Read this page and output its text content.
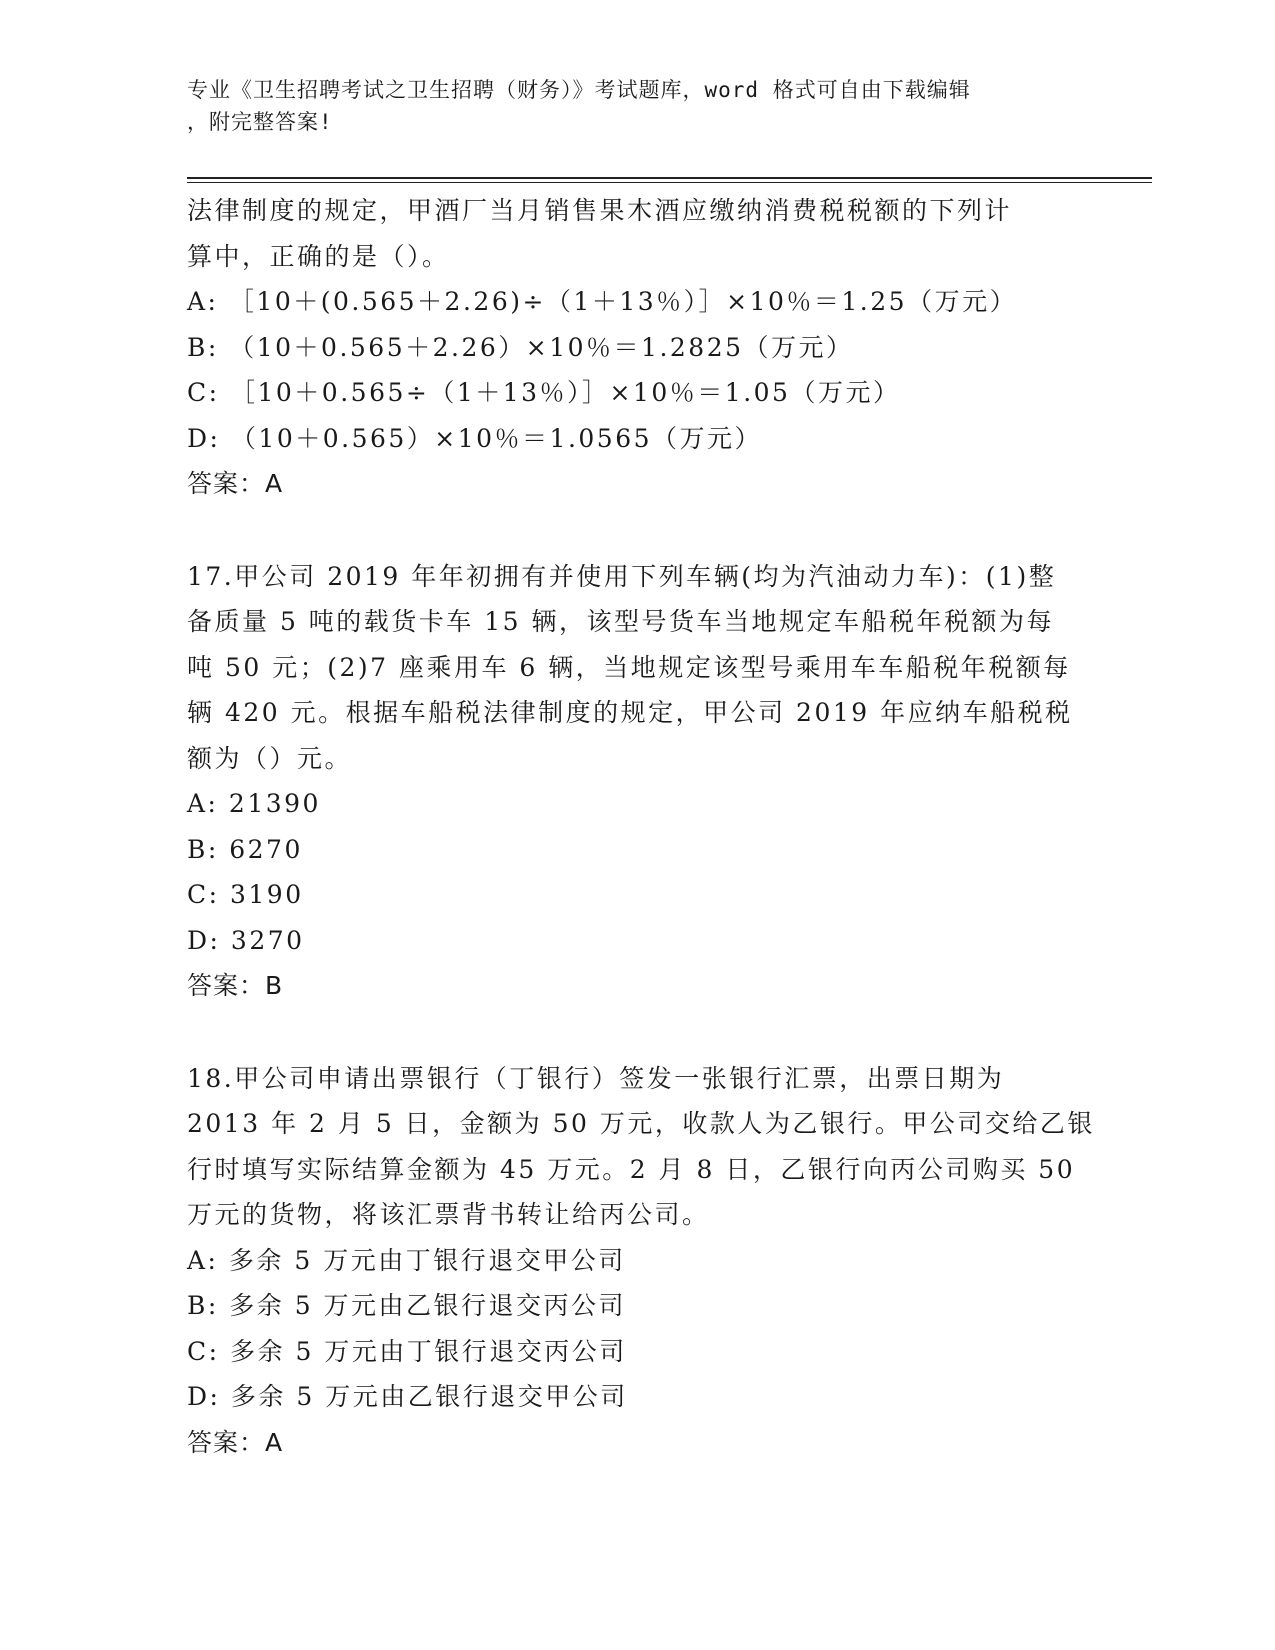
专业《卫生招聘考试之卫生招聘（财务）》考试题库，word 格式可自由下载编辑
，附完整答案!

法律制度的规定，甲酒厂当月销售果木酒应缴纳消费税税额的下列计

算中，正确的是（）。

A: ［10＋(0.565＋2.26)÷（1＋13％）］×10％＝1.25（万元）

B: （10＋0.565＋2.26）×10％＝1.2825（万元）

C: ［10＋0.565÷（1＋13％）］×10％＝1.05（万元）

D: （10＋0.565）×10％＝1.0565（万元）

答案：A

17.甲公司 2019 年年初拥有并使用下列车辆(均为汽油动力车)：(1)整

备质量 5 吨的载货卡车 15 辆，该型号货车当地规定车船税年税额为每

吨 50 元；(2)7 座乘用车 6 辆，当地规定该型号乘用车车船税年税额每

辆 420 元。根据车船税法律制度的规定，甲公司 2019 年应纳车船税税

额为（）元。

A: 21390

B: 6270

C: 3190

D: 3270

答案：B

18.甲公司申请出票银行（丁银行）签发一张银行汇票，出票日期为

2013 年 2 月 5 日，金额为 50 万元，收款人为乙银行。甲公司交给乙银

行时填写实际结算金额为 45 万元。2 月 8 日，乙银行向丙公司购买 50

万元的货物，将该汇票背书转让给丙公司。

A: 多余 5 万元由丁银行退交甲公司

B: 多余 5 万元由乙银行退交丙公司

C: 多余 5 万元由丁银行退交丙公司

D: 多余 5 万元由乙银行退交甲公司

答案：A
